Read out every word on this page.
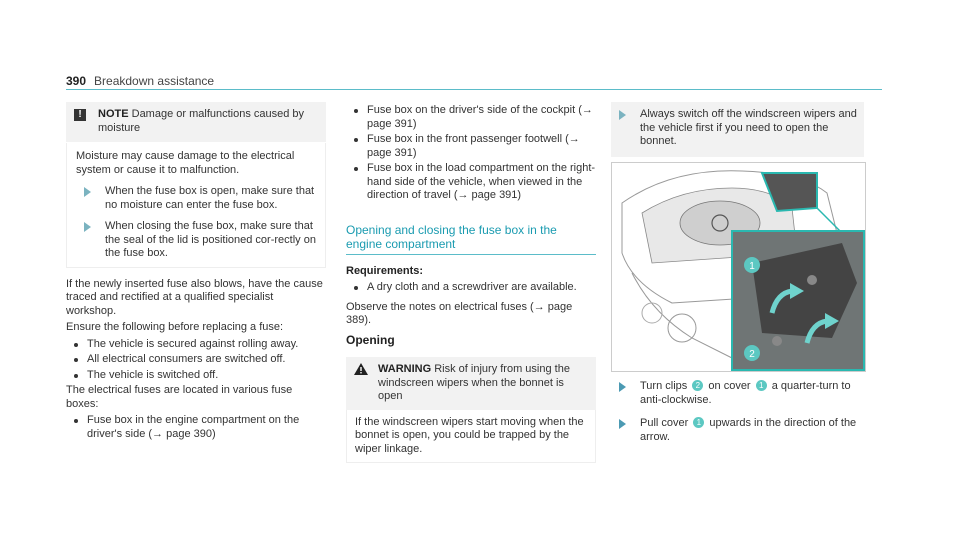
390 Breakdown assistance
!	NOTE Damage or malfunctions caused by moisture

Moisture may cause damage to the electrical system or cause it to malfunction.

When the fuse box is open, make sure that no moisture can enter the fuse box.
When closing the fuse box, make sure that the seal of the lid is positioned cor-rectly on the fuse box.

If the newly inserted fuse also blows, have the cause traced and rectified at a qualified specialist workshop.

Ensure the following before replacing a fuse:

The vehicle is secured against rolling away.
All electrical consumers are switched off.
The vehicle is switched off.

The electrical fuses are located in various fuse boxes:

Fuse box in the engine compartment on the driver's side (→ page 390)
Fuse box on the driver's side of the cockpit (→ page 391)
Fuse box in the front passenger footwell (→ page 391)
Fuse box in the load compartment on the right-hand side of the vehicle, when viewed in the direction of travel (→ page 391)
Opening and closing the fuse box in the engine compartment

Requirements:

A dry cloth and a screwdriver are available.

Observe the notes on electrical fuses (→ page 389).

Opening

WARNING Risk of injury from using the windscreen wipers when the bonnet is open
If the windscreen wipers start moving when the bonnet is open, you could be trapped by the wiper linkage.
Always switch off the windscreen wipers and the vehicle first if you need to open the bonnet.
1
2
Turn clips 2 on cover 1 a quarter-turn to anti-clockwise.
Pull cover 1 upwards in the direction of the arrow.
